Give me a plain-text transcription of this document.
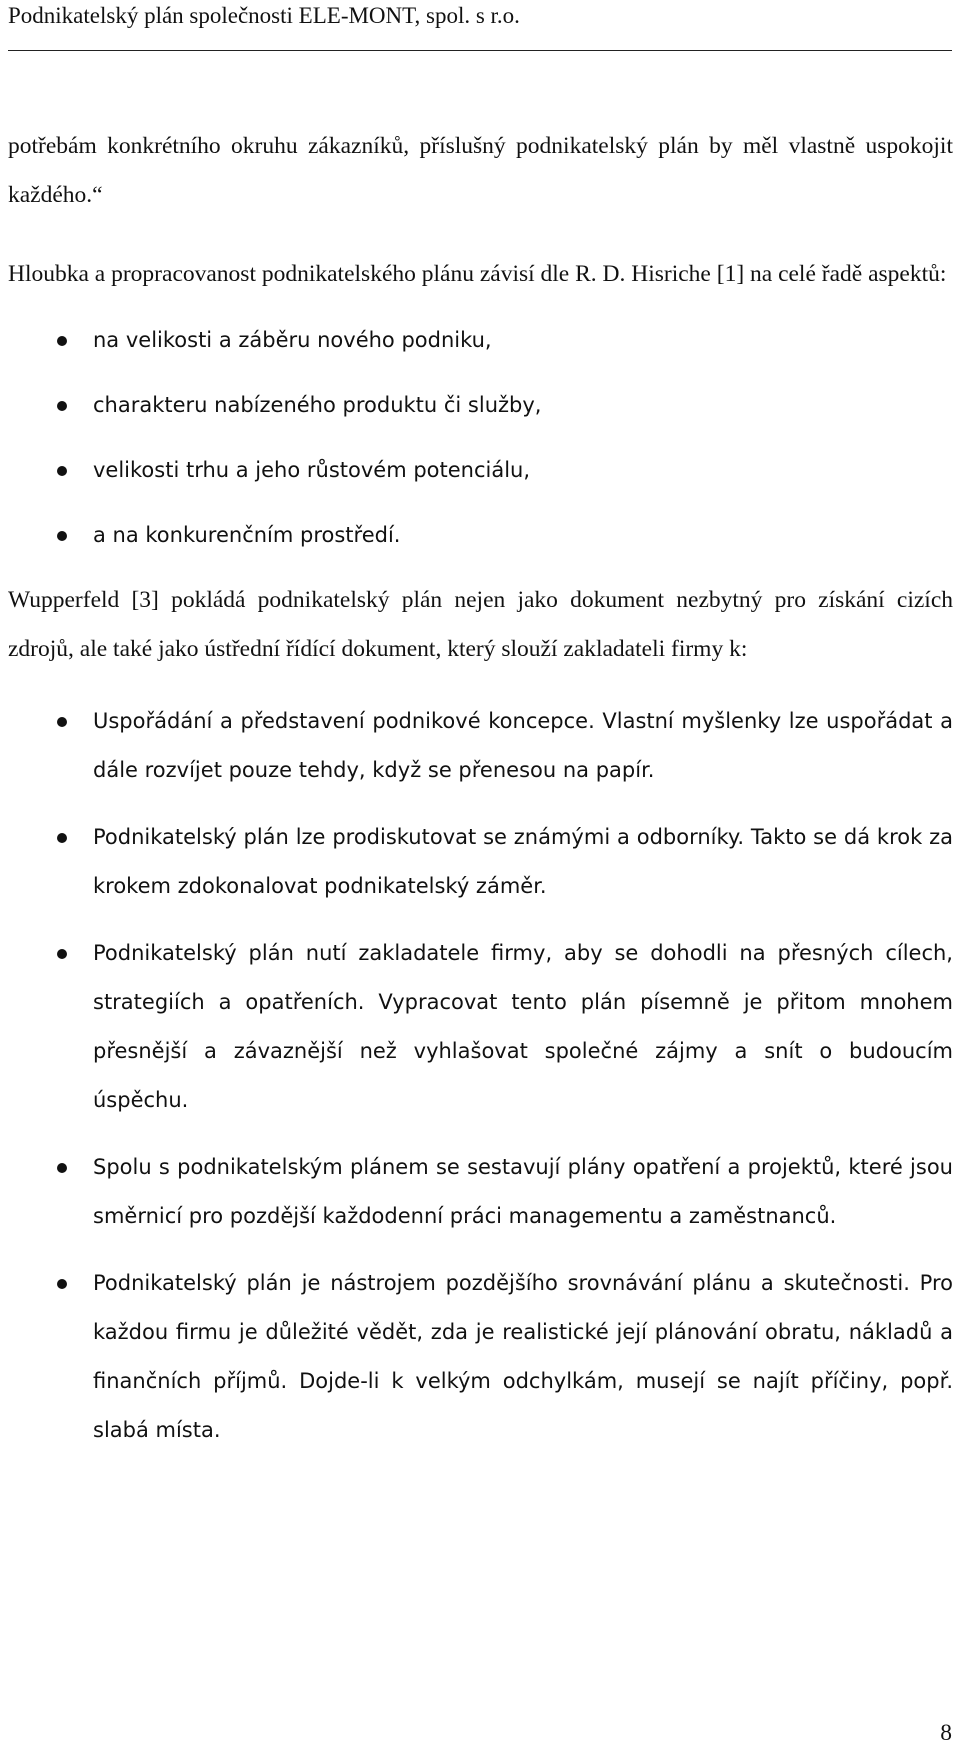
Podnikatelský plán společnosti ELE-MONT, spol. s r.o.

potřebám konkrétního okruhu zákazníků, příslušný podnikatelský plán by měl vlastně uspokojit každého.“

Hloubka a propracovanost podnikatelského plánu závisí dle R. D. Hisriche [1] na celé řadě aspektů:

na velikosti a záběru nového podniku,
charakteru nabízeného produktu či služby,
velikosti trhu a jeho růstovém potenciálu,
a na konkurenčním prostředí.

Wupperfeld [3] pokládá podnikatelský plán nejen jako dokument nezbytný pro získání cizích zdrojů, ale také jako ústřední řídící dokument, který slouží zakladateli firmy k:

Uspořádání a představení podnikové koncepce. Vlastní myšlenky lze uspořádat a dále rozvíjet pouze tehdy, když se přenesou na papír.
Podnikatelský plán lze prodiskutovat se známými a odborníky. Takto se dá krok za krokem zdokonalovat podnikatelský záměr.
Podnikatelský plán nutí zakladatele firmy, aby se dohodli na přesných cílech, strategiích a opatřeních. Vypracovat tento plán písemně je přitom mnohem přesnější a závaznější než vyhlašovat společné zájmy a snít o budoucím úspěchu.
Spolu s podnikatelským plánem se sestavují plány opatření a projektů, které jsou směrnicí pro pozdější každodenní práci managementu a zaměstnanců.
Podnikatelský plán je nástrojem pozdějšího srovnávání plánu a skutečnosti. Pro každou firmu je důležité vědět, zda je realistické její plánování obratu, nákladů a finančních příjmů. Dojde-li k velkým odchylkám, musejí se najít příčiny, popř. slabá místa.
8
